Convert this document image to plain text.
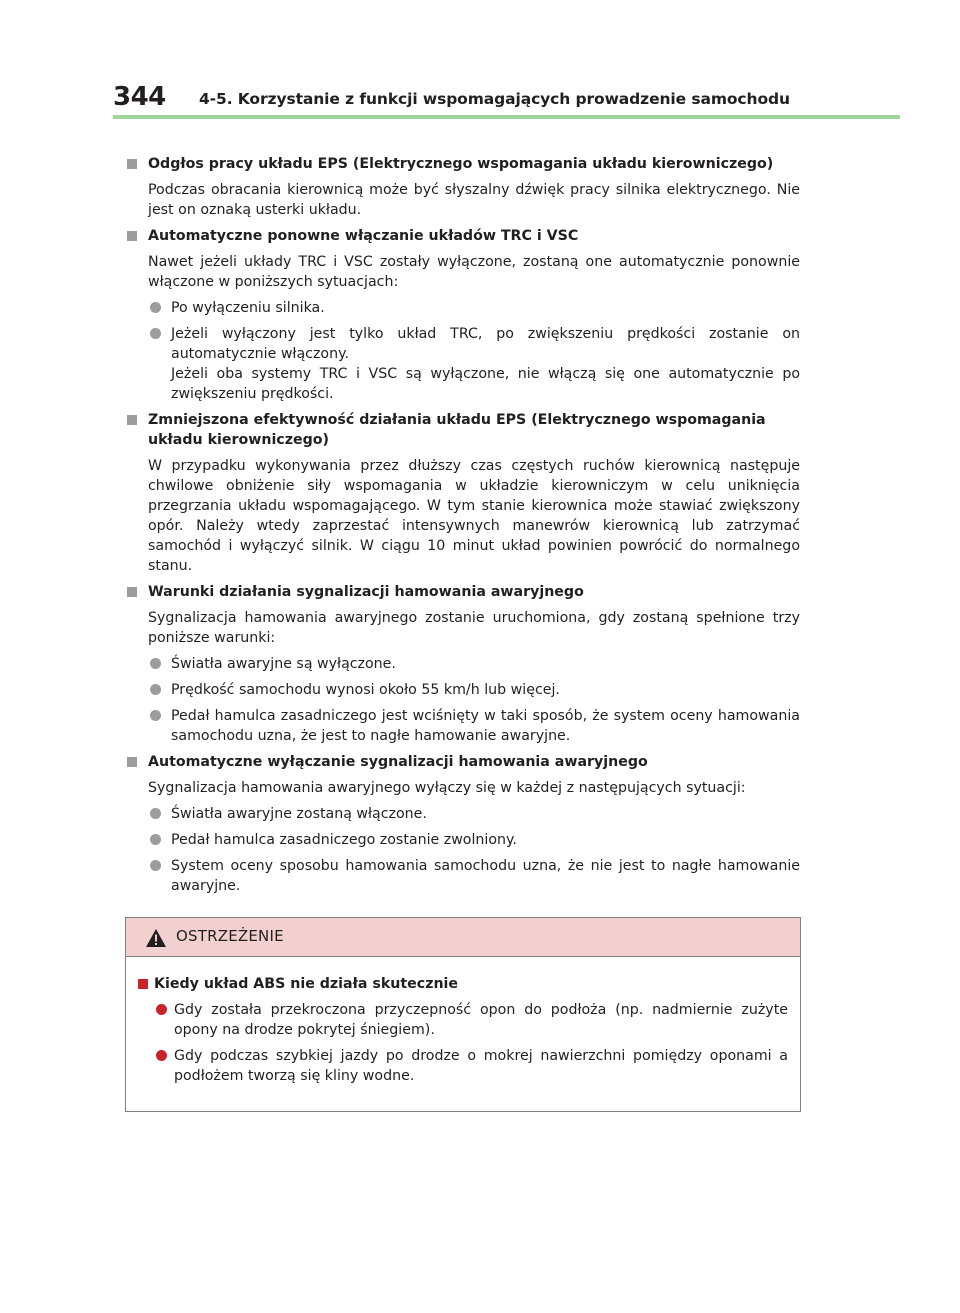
344 4-5. Korzystanie z funkcji wspomagających prowadzenie samochodu
Odgłos pracy układu EPS (Elektrycznego wspomagania układu kierowniczego)
Podczas obracania kierownicą może być słyszalny dźwięk pracy silnika elektrycznego. Nie jest on oznaką usterki układu.
Automatyczne ponowne włączanie układów TRC i VSC
Nawet jeżeli układy TRC i VSC zostały wyłączone, zostaną one automatycznie ponownie włączone w poniższych sytuacjach:
Po wyłączeniu silnika.
Jeżeli wyłączony jest tylko układ TRC, po zwiększeniu prędkości zostanie on automatycznie włączony.
Jeżeli oba systemy TRC i VSC są wyłączone, nie włączą się one automatycznie po zwiększeniu prędkości.
Zmniejszona efektywność działania układu EPS (Elektrycznego wspomagania układu kierowniczego)
W przypadku wykonywania przez dłuższy czas częstych ruchów kierownicą następuje chwilowe obniżenie siły wspomagania w układzie kierowniczym w celu uniknięcia przegrzania układu wspomagającego. W tym stanie kierownica może stawiać zwiększony opór. Należy wtedy zaprzestać intensywnych manewrów kierownicą lub zatrzymać samochód i wyłączyć silnik. W ciągu 10 minut układ powinien powrócić do normalnego stanu.
Warunki działania sygnalizacji hamowania awaryjnego
Sygnalizacja hamowania awaryjnego zostanie uruchomiona, gdy zostaną spełnione trzy poniższe warunki:
Światła awaryjne są wyłączone.
Prędkość samochodu wynosi około 55 km/h lub więcej.
Pedał hamulca zasadniczego jest wciśnięty w taki sposób, że system oceny hamowania samochodu uzna, że jest to nagłe hamowanie awaryjne.
Automatyczne wyłączanie sygnalizacji hamowania awaryjnego
Sygnalizacja hamowania awaryjnego wyłączy się w każdej z następujących sytuacji:
Światła awaryjne zostaną włączone.
Pedał hamulca zasadniczego zostanie zwolniony.
System oceny sposobu hamowania samochodu uzna, że nie jest to nagłe hamowanie awaryjne.
OSTRZEŻENIE
Kiedy układ ABS nie działa skutecznie
Gdy została przekroczona przyczepność opon do podłoża (np. nadmiernie zużyte opony na drodze pokrytej śniegiem).
Gdy podczas szybkiej jazdy po drodze o mokrej nawierzchni pomiędzy oponami a podłożem tworzą się kliny wodne.
